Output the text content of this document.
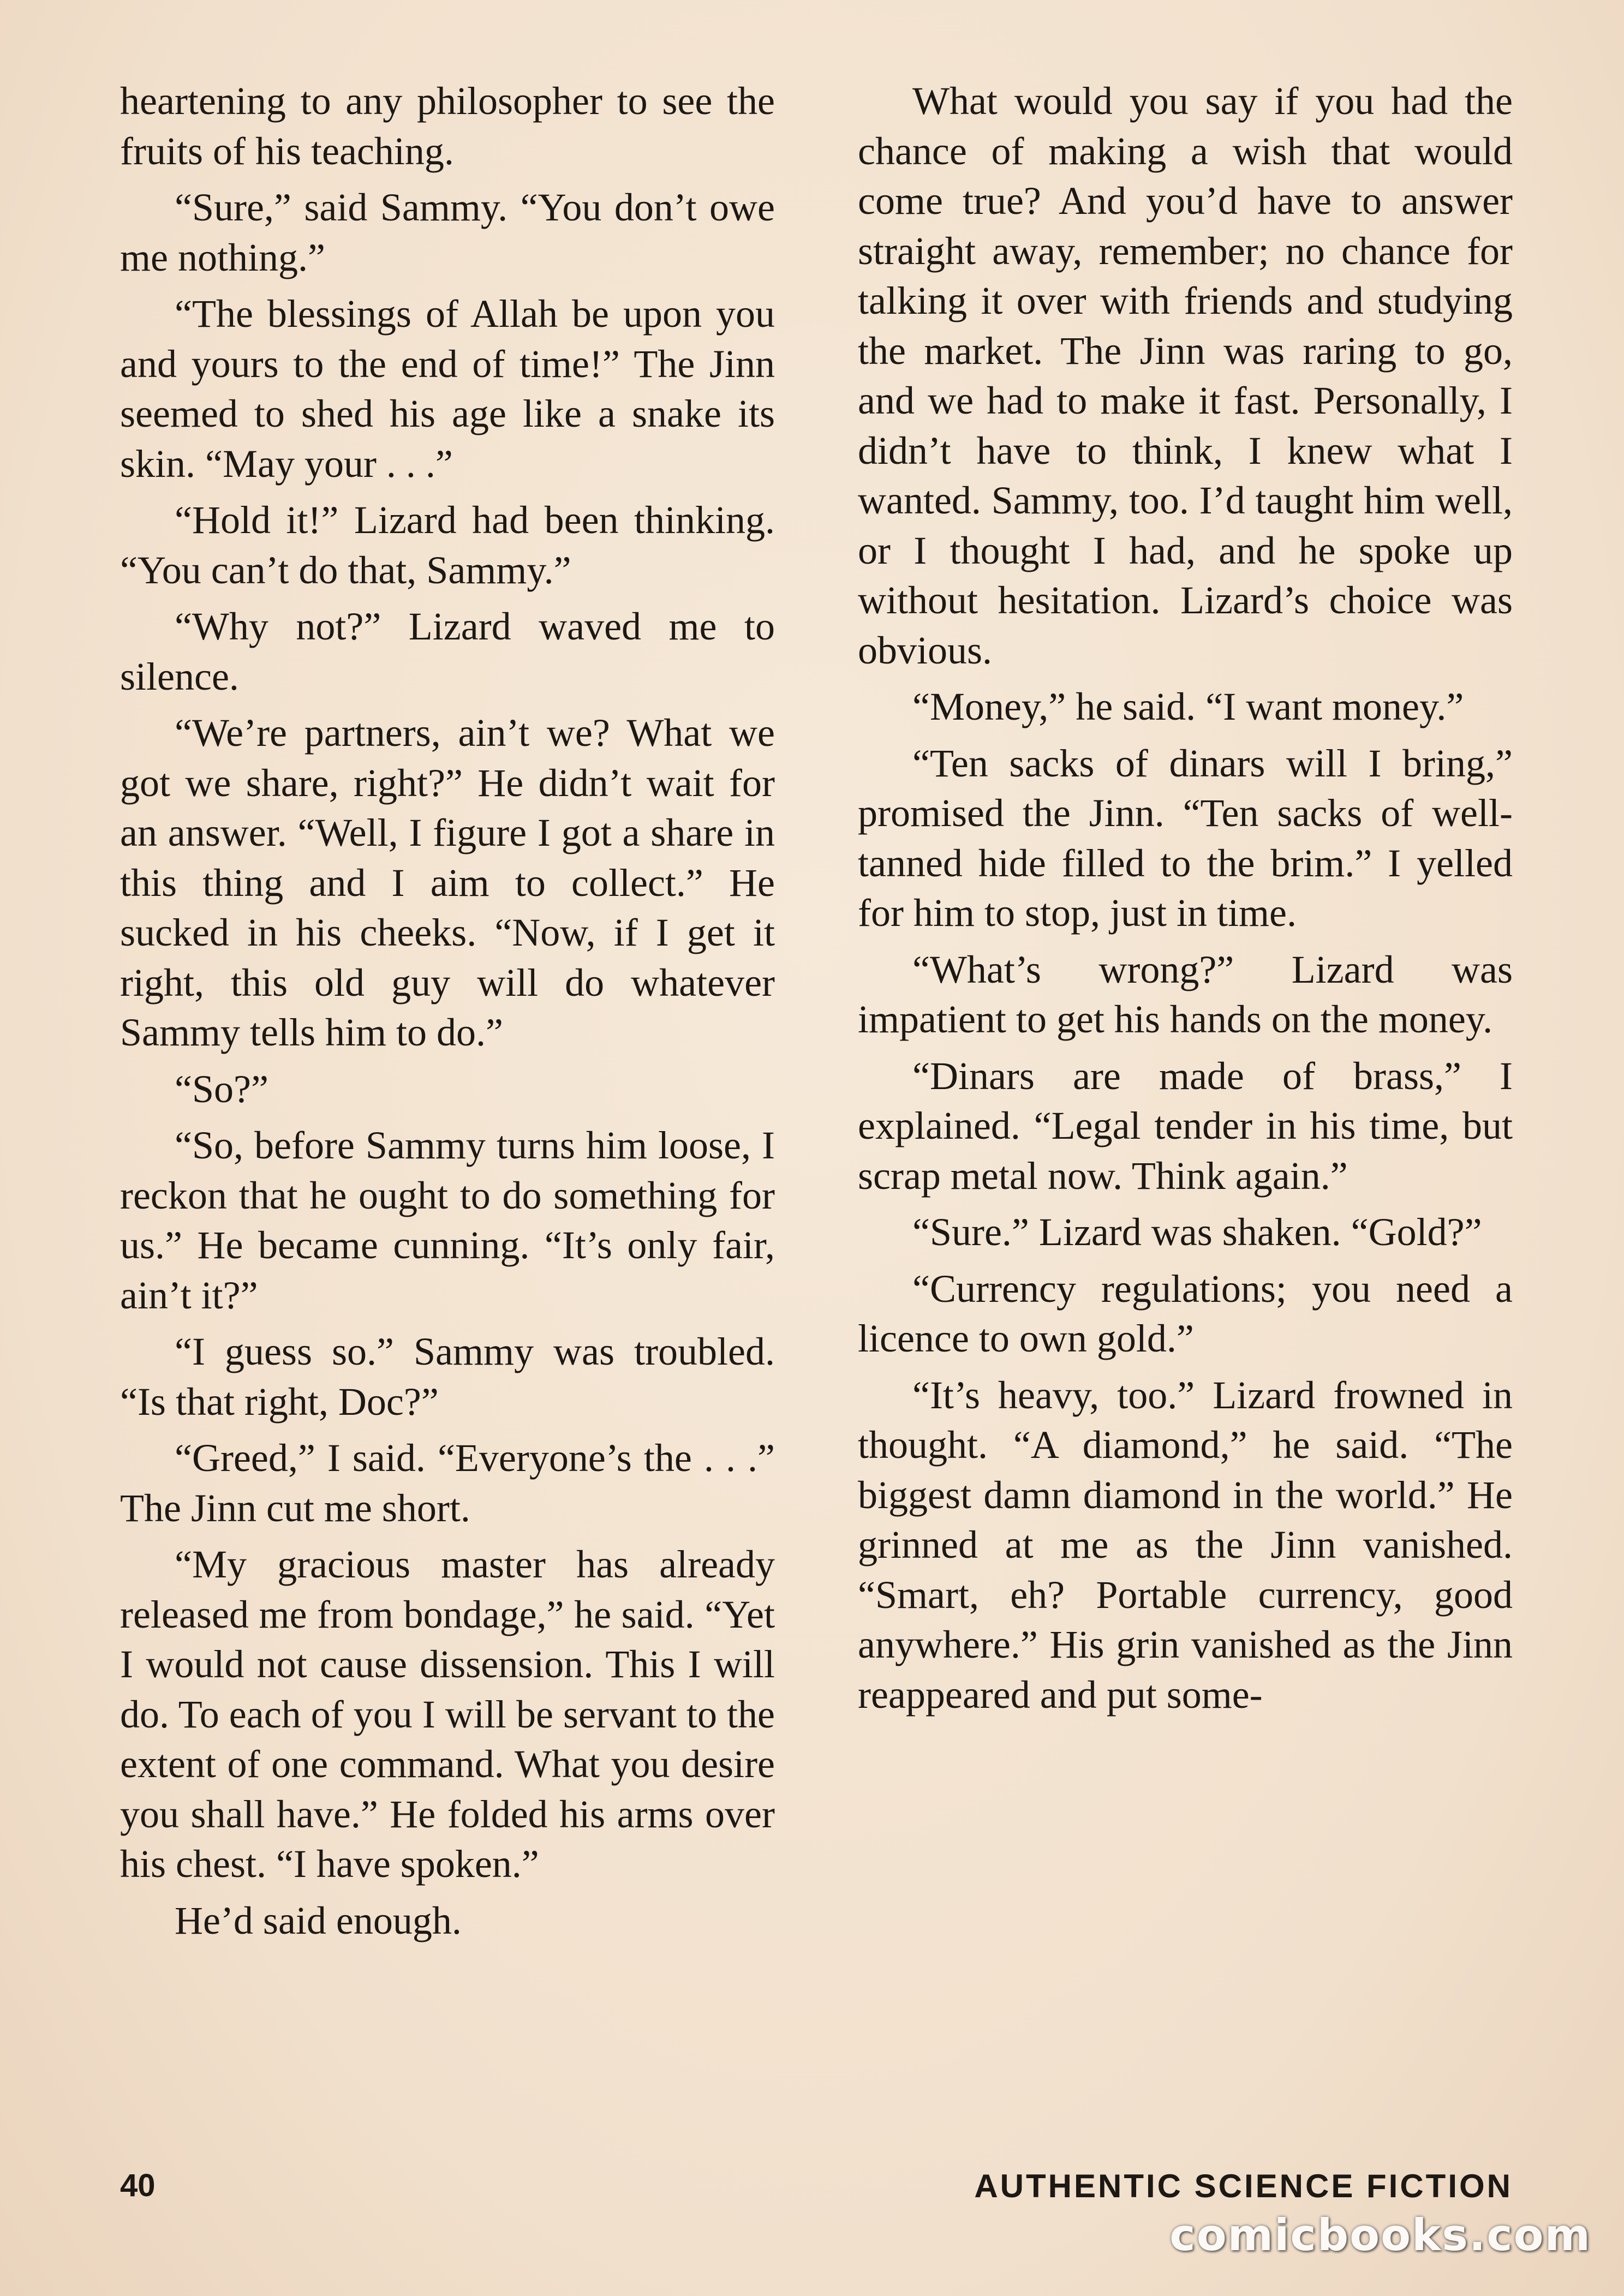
heartening to any philosopher to see the fruits of his teaching.

“Sure,” said Sammy. “You don’t owe me nothing.”

“The blessings of Allah be upon you and yours to the end of time!” The Jinn seemed to shed his age like a snake its skin. “May your . . .”

“Hold it!” Lizard had been thinking. “You can’t do that, Sammy.”

“Why not?” Lizard waved me to silence.

“We’re partners, ain’t we? What we got we share, right?” He didn’t wait for an answer. “Well, I figure I got a share in this thing and I aim to collect.” He sucked in his cheeks. “Now, if I get it right, this old guy will do whatever Sammy tells him to do.”

“So?”

“So, before Sammy turns him loose, I reckon that he ought to do something for us.” He became cunning. “It’s only fair, ain’t it?”

“I guess so.” Sammy was troubled. “Is that right, Doc?”

“Greed,” I said. “Everyone’s the . . .” The Jinn cut me short.

“My gracious master has already released me from bondage,” he said. “Yet I would not cause dissension. This I will do. To each of you I will be servant to the extent of one command. What you desire you shall have.” He folded his arms over his chest. “I have spoken.”

He’d said enough.

What would you say if you had the chance of making a wish that would come true? And you’d have to answer straight away, remember; no chance for talking it over with friends and studying the market. The Jinn was raring to go, and we had to make it fast. Personally, I didn’t have to think, I knew what I wanted. Sammy, too. I’d taught him well, or I thought I had, and he spoke up without hesitation. Lizard’s choice was obvious.

“Money,” he said. “I want money.”

“Ten sacks of dinars will I bring,” promised the Jinn. “Ten sacks of well-tanned hide filled to the brim.” I yelled for him to stop, just in time.

“What’s wrong?” Lizard was impatient to get his hands on the money.

“Dinars are made of brass,” I explained. “Legal tender in his time, but scrap metal now. Think again.”

“Sure.” Lizard was shaken. “Gold?”

“Currency regulations; you need a licence to own gold.”

“It’s heavy, too.” Lizard frowned in thought. “A diamond,” he said. “The biggest damn diamond in the world.” He grinned at me as the Jinn vanished. “Smart, eh? Portable currency, good anywhere.” His grin vanished as the Jinn reappeared and put some-

40	AUTHENTIC SCIENCE FICTION
comicbooks.com
